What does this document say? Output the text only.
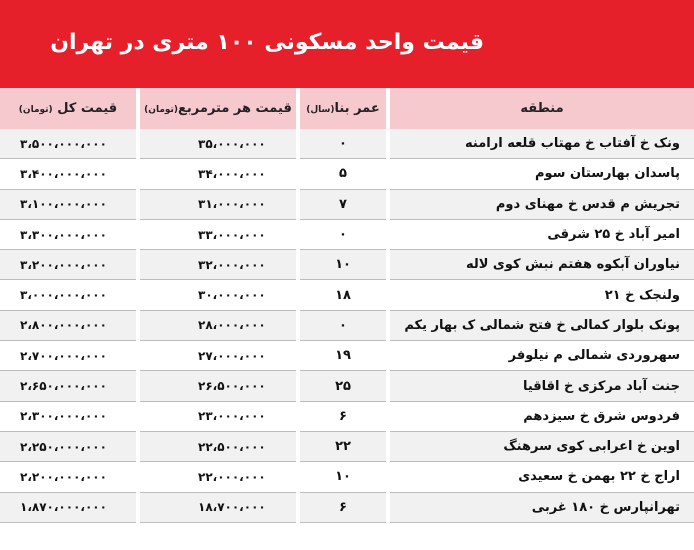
قیمت واحد مسکونی ۱۰۰ متری در تهران
منطقه	عمر بنا(سال)	قیمت هر مترمربع(تومان)	قیمت کل (تومان)
ونک خ آفتاب خ مهتاب قلعه ارامنه	۰	۳۵،۰۰۰،۰۰۰	۳،۵۰۰،۰۰۰،۰۰۰
پاسدان بهارستان سوم	۵	۳۴،۰۰۰،۰۰۰	۳،۴۰۰،۰۰۰،۰۰۰
تجریش م قدس خ مهنای دوم	۷	۳۱،۰۰۰،۰۰۰	۳،۱۰۰،۰۰۰،۰۰۰
امیر آباد خ ۲۵ شرقی	۰	۳۳،۰۰۰،۰۰۰	۳،۳۰۰،۰۰۰،۰۰۰
نیاوران آبکوه هفتم نبش کوی لاله	۱۰	۳۲،۰۰۰،۰۰۰	۳،۲۰۰،۰۰۰،۰۰۰
ولنجک خ ۲۱	۱۸	۳۰،۰۰۰،۰۰۰	۳،۰۰۰،۰۰۰،۰۰۰
پونک بلوار کمالی خ فتح شمالی ک بهار یکم	۰	۲۸،۰۰۰،۰۰۰	۲،۸۰۰،۰۰۰،۰۰۰
سهروردی شمالی م نیلوفر	۱۹	۲۷،۰۰۰،۰۰۰	۲،۷۰۰،۰۰۰،۰۰۰
جنت آباد مرکزی خ اقاقیا	۲۵	۲۶،۵۰۰،۰۰۰	۲،۶۵۰،۰۰۰،۰۰۰
فردوس شرق خ سیزدهم	۶	۲۳،۰۰۰،۰۰۰	۲،۳۰۰،۰۰۰،۰۰۰
اوین خ اعرابی کوی سرهنگ	۲۲	۲۲،۵۰۰،۰۰۰	۲،۲۵۰،۰۰۰،۰۰۰
اراج خ ۲۲ بهمن خ سعیدی	۱۰	۲۲،۰۰۰،۰۰۰	۲،۲۰۰،۰۰۰،۰۰۰
تهرانپارس خ ۱۸۰ غربی	۶	۱۸،۷۰۰،۰۰۰	۱،۸۷۰،۰۰۰،۰۰۰
